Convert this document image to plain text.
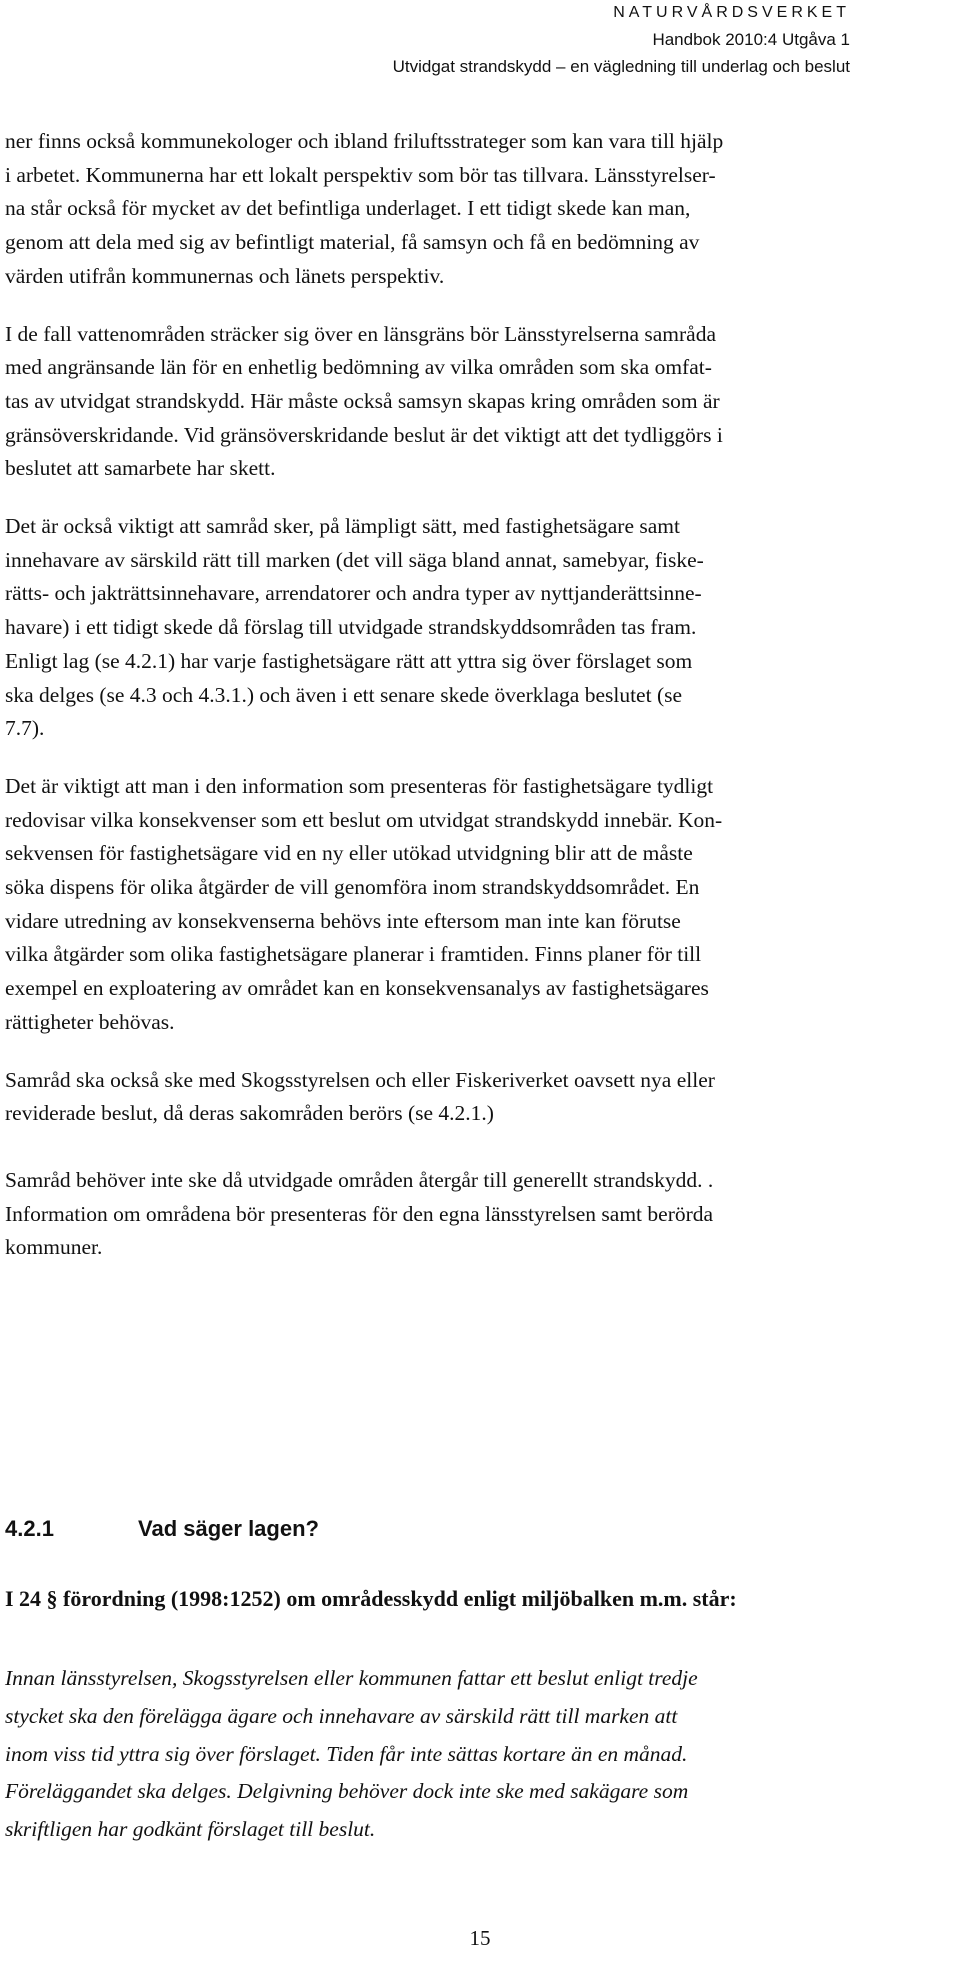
NATURVÅRDSVERKET
Handbok 2010:4 Utgåva 1
Utvidgat strandskydd – en vägledning till underlag och beslut

ner finns också kommunekologer och ibland friluftsstrateger som kan vara till hjälp
i arbetet. Kommunerna har ett lokalt perspektiv som bör tas tillvara. Länsstyrelser-
na står också för mycket av det befintliga underlaget. I ett tidigt skede kan man,
genom att dela med sig av befintligt material, få samsyn och få en bedömning av
värden utifrån kommunernas och länets perspektiv.

I de fall vattenområden sträcker sig över en länsgräns bör Länsstyrelserna samråda
med angränsande län för en enhetlig bedömning av vilka områden som ska omfat-
tas av utvidgat strandskydd. Här måste också samsyn skapas kring områden som är
gränsöverskridande. Vid gränsöverskridande beslut är det viktigt att det tydliggörs i
beslutet att samarbete har skett.

Det är också viktigt att samråd sker, på lämpligt sätt, med fastighetsägare samt
innehavare av särskild rätt till marken (det vill säga bland annat, samebyar, fiske-
rätts- och jakträttsinnehavare, arrendatorer och andra typer av nyttjanderättsinne-
havare) i ett tidigt skede då förslag till utvidgade strandskyddsområden tas fram.
Enligt lag (se 4.2.1) har varje fastighetsägare rätt att yttra sig över förslaget som
ska delges (se 4.3 och 4.3.1.) och även i ett senare skede överklaga beslutet (se
7.7).

Det är viktigt att man i den information som presenteras för fastighetsägare tydligt
redovisar vilka konsekvenser som ett beslut om utvidgat strandskydd innebär. Kon-
sekvensen för fastighetsägare vid en ny eller utökad utvidgning blir att de måste
söka dispens för olika åtgärder de vill genomföra inom strandskyddsområdet. En
vidare utredning av konsekvenserna behövs inte eftersom man inte kan förutse
vilka åtgärder som olika fastighetsägare planerar i framtiden. Finns planer för till
exempel en exploatering av området kan en konsekvensanalys av fastighetsägares
rättigheter behövas.

Samråd ska också ske med Skogsstyrelsen och eller Fiskeriverket oavsett nya eller
reviderade beslut, då deras sakområden berörs (se 4.2.1.)

Samråd behöver inte ske då utvidgade områden återgår till generellt strandskydd. .
Information om områdena bör presenteras för den egna länsstyrelsen samt berörda
kommuner.

4.2.1	Vad säger lagen?
I 24 § förordning (1998:1252) om områdesskydd enligt miljöbalken m.m. står:

Innan länsstyrelsen, Skogsstyrelsen eller kommunen fattar ett beslut enligt tredje
stycket ska den förelägga ägare och innehavare av särskild rätt till marken att
inom viss tid yttra sig över förslaget. Tiden får inte sättas kortare än en månad.
Föreläggandet ska delges. Delgivning behöver dock inte ske med sakägare som
skriftligen har godkänt förslaget till beslut.

15
